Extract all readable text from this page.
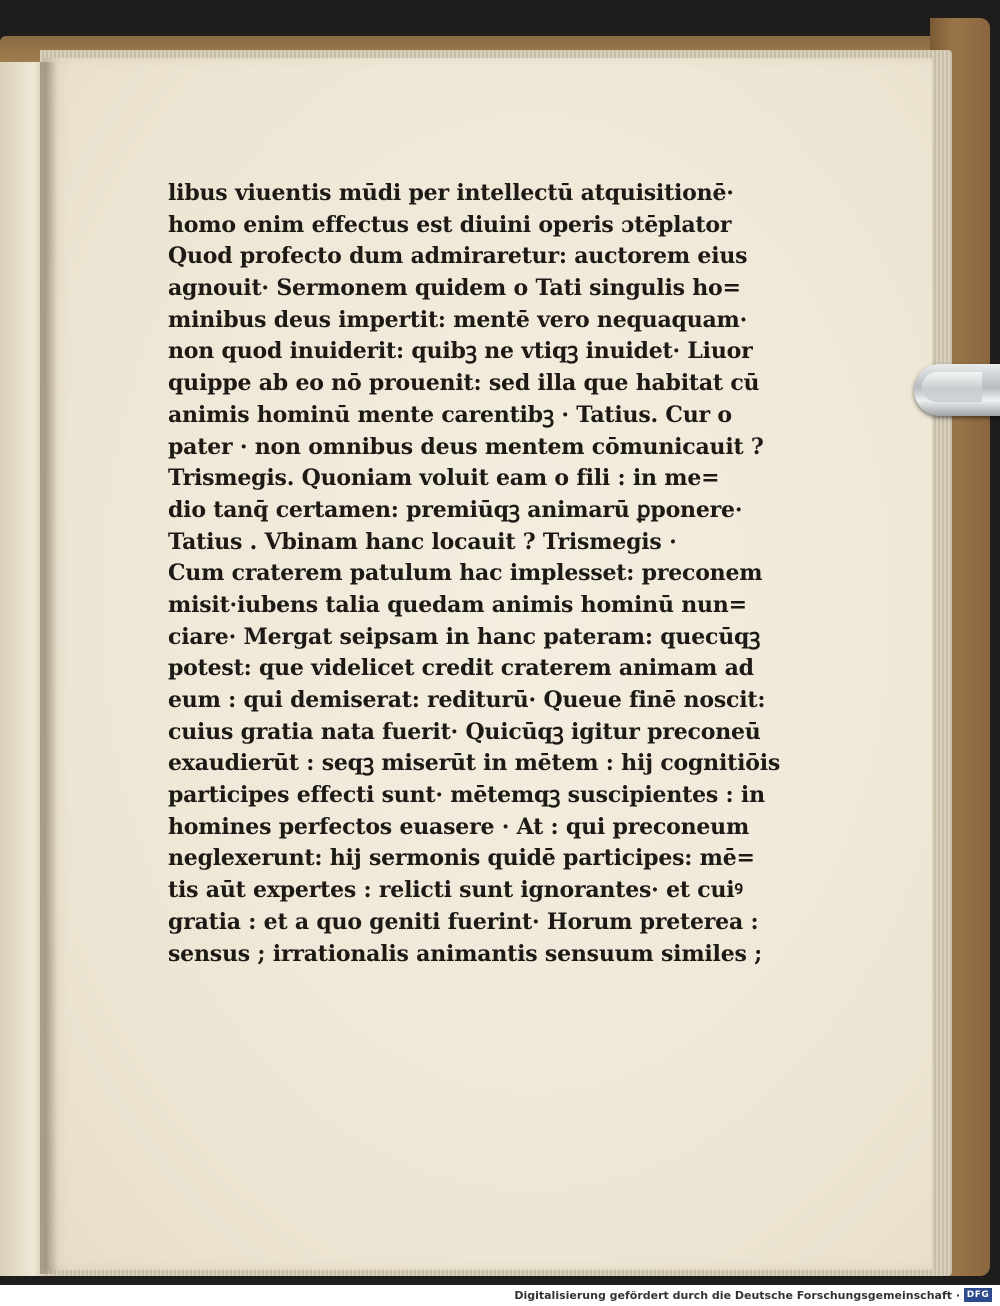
libus viuentis mūdi per intellectū atquisitionē·
homo enim effectus est diuini operis ɔtēplator
Quod profecto dum admiraretur: auctorem eius
agnouit· Sermonem quidem o Tati singulis ho=
minibus deus impertit: mentē vero nequaquam·
non quod inuiderit: quibꝫ ne vtiqꝫ inuidet· Liuor
quippe ab eo nō prouenit: sed illa que habitat cū
animis hominū mente carentibꝫ · Tatius. Cur o
pater · non omnibus deus mentem cōmunicauit ?
Trismegis. Quoniam voluit eam o fili : in me=
dio tanq̄ certamen: premiūqꝫ animarū ꝑponere·
Tatius . Vbinam hanc locauit ? Trismegis ·
Cum craterem patulum hac implesset: preconem
misit·iubens talia quedam animis hominū nun=
ciare· Mergat seipsam in hanc pateram: quecūqꝫ
potest: que videlicet credit craterem animam ad
eum : qui demiserat: rediturū· Queue finē noscit:
cuius gratia nata fuerit· Quicūqꝫ igitur preconeū
exaudierūt : seqꝫ miserūt in mētem : hij cognitiōis
participes effecti sunt· mētemqꝫ suscipientes : in
homines perfectos euasere · At : qui preconeum
neglexerunt: hij sermonis quidē participes: mē=
tis aūt expertes : relicti sunt ignorantes· et cuiꝰ
gratia : et a quo geniti fuerint· Horum preterea :
sensus ; irrationalis animantis sensuum similes ;
Digitalisierung gefördert durch die Deutsche Forschungsgemeinschaft · DFG
